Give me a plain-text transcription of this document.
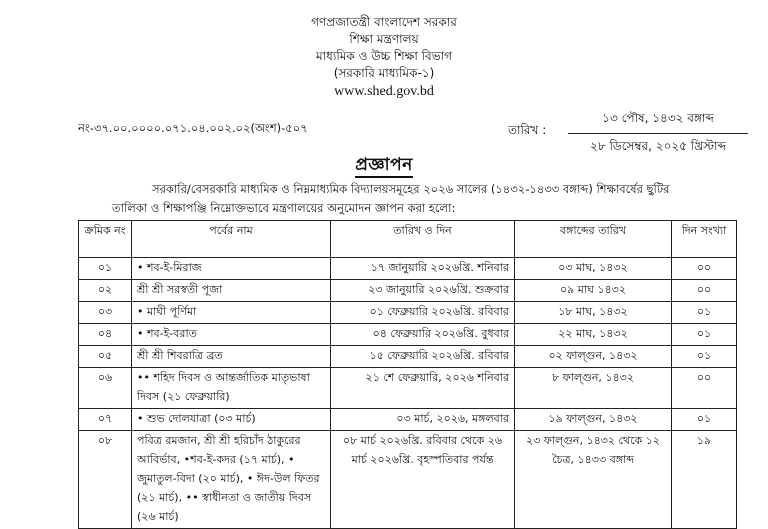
গণপ্রজাতন্ত্রী বাংলাদেশ সরকার
শিক্ষা মন্ত্রণালয়
মাধ্যমিক ও উচ্চ শিক্ষা বিভাগ
(সরকারি মাধ্যমিক-১)
www.shed.gov.bd
নং-৩৭.০০.০০০০.০৭১.০৪.০০২.০২(অংশ)-৫০৭	তারিখ :
১৩ পৌষ, ১৪৩২ বঙ্গাব্দ
২৮ ডিসেম্বর, ২০২৫ খ্রিস্টাব্দ
প্রজ্ঞাপন
সরকারি/বেসরকারি মাধ্যমিক ও নিম্নমাধ্যমিক বিদ্যালয়সমূহের ২০২৬ সালের (১৪৩২-১৪৩৩ বঙ্গাব্দ) শিক্ষাবর্ষের ছুটির
তালিকা ও শিক্ষাপঞ্জি নিম্নোক্তভাবে মন্ত্রণালয়ের অনুমোদন জ্ঞাপন করা হলো:
ক্রমিক নং	পর্বের নাম	তারিখ ও দিন	বঙ্গাব্দের তারিখ	দিন সংখ্যা
০১	• শব-ই-মিরাজ	১৭ জানুয়ারি ২০২৬খ্রি. শনিবার	০৩ মাঘ, ১৪৩২	০০
০২	শ্রী শ্রী সরস্বতী পূজা	২৩ জানুয়ারি ২০২৬খ্রি. শুক্রবার	০৯ মাঘ ১৪৩২	০০
০৩	• মাঘী পূর্ণিমা	০১ ফেব্রুয়ারি ২০২৬খ্রি. রবিবার	১৮ মাঘ, ১৪৩২	০১
০৪	• শব-ই-বরাত	০৪ ফেব্রুয়ারি ২০২৬খ্রি. বুধবার	২২ মাঘ, ১৪৩২	০১
০৫	শ্রী শ্রী শিবরাত্রি ব্রত	১৫ ফেব্রুয়ারি ২০২৬খ্রি. রবিবার	০২ ফাল্গুন, ১৪৩২	০১
০৬	•• শহিদ দিবস ও আন্তর্জাতিক মাতৃভাষা দিবস (২১ ফেব্রুয়ারি)	২১ শে ফেব্রুয়ারি, ২০২৬ শনিবার	৮ ফাল্গুন, ১৪৩২	০০
০৭	• শুভ দোলযাত্রা (০৩ মার্চ)	০৩ মার্চ, ২০২৬, মঙ্গলবার	১৯ ফাল্গুন, ১৪৩২	০১
০৮	পবিত্র রমজান, শ্রী শ্রী হরিচাঁদ ঠাকুরের আবির্ভাব, •শব-ই-কদর (১৭ মার্চ), • জুমাতুল-বিদা (২০ মার্চ), • ঈদ-উল ফিতর (২১ মার্চ), •• স্বাধীনতা ও জাতীয় দিবস (২৬ মার্চ)	০৮ মার্চ ২০২৬খ্রি. রবিবার থেকে ২৬ মার্চ ২০২৬খ্রি. বৃহস্পতিবার পর্যন্ত	২৩ ফাল্গুন, ১৪৩২ থেকে ১২ চৈত্র, ১৪৩৩ বঙ্গাব্দ	১৯
